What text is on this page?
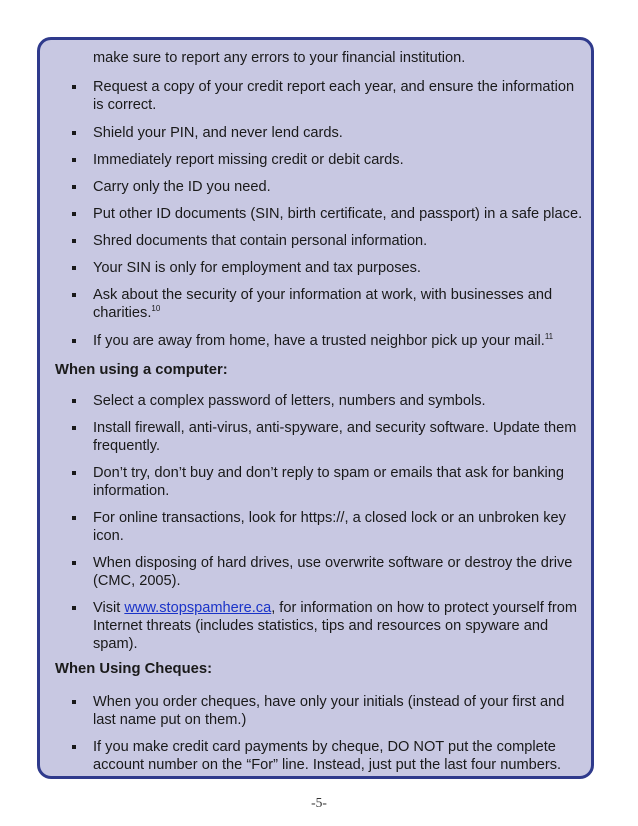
make sure to report any errors to your financial institution.
Request a copy of your credit report each year, and ensure the information
is correct.
Shield your PIN, and never lend cards.
Immediately report missing credit or debit cards.
Carry only the ID you need.
Put other ID documents (SIN, birth certificate, and passport) in a safe place.
Shred documents that contain personal information.
Your SIN is only for employment and tax purposes.
Ask about the security of your information at work, with businesses and
charities.$^{10}$
If you are away from home, have a trusted neighbor pick up your mail.$^{11}$
When using a computer:
Select a complex password of letters, numbers and symbols.
Install firewall, anti-virus, anti-spyware, and security software. Update them
frequently.
Don’t try, don’t buy and don’t reply to spam or emails that ask for banking
information.
For online transactions, look for https://, a closed lock or an unbroken key
icon.
When disposing of hard drives, use overwrite software or destroy the drive
(CMC, 2005).
Visit www.stopspamhere.ca, for information on how to protect yourself from
Internet threats (includes statistics, tips and resources on spyware and
spam).
When Using Cheques:
When you order cheques, have only your initials (instead of your first and
last name put on them.)
If you make credit card payments by cheque, DO NOT put the complete
account number on the “For” line. Instead, just put the last four numbers.
-5-
